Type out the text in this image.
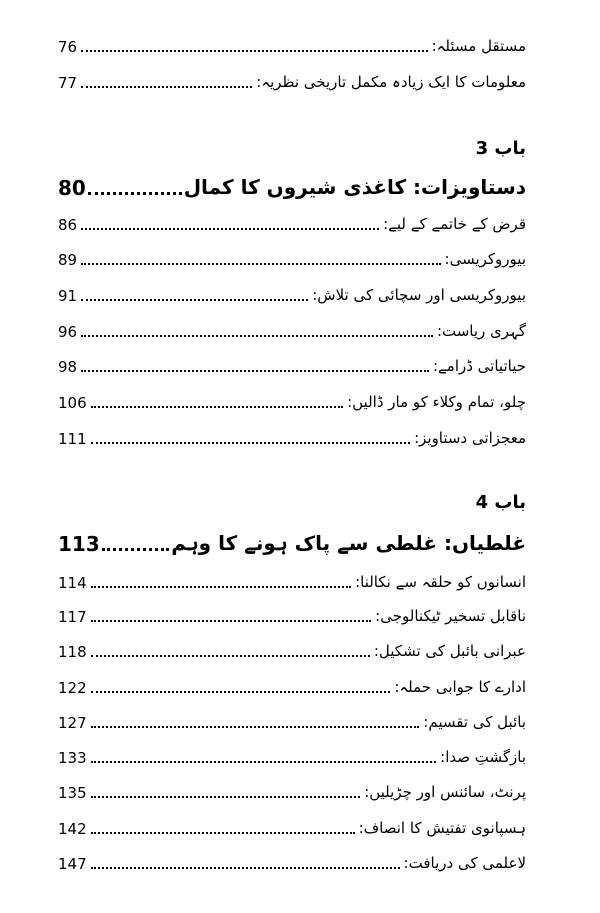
76	مستقل مسئلہ:
77	معلومات کا ایک زیادہ مکمل تاریخی نظریہ:
باب 3
80	دستاویزات: کاغذی شیروں کا کمال
86	قرض کے خاتمے کے لیے:
89	بیوروکریسی:
91	بیوروکریسی اور سچائی کی تلاش:
96	گہری ریاست:
98	حیاتیاتی ڈرامے:
106	چلو، تمام وکلاء کو مار ڈالیں:
111	معجزاتی دستاویز:
باب 4
113	غلطیاں: غلطی سے پاک ہونے کا وہم
114	انسانوں کو حلقہ سے نکالنا:
117	ناقابل تسخیر ٹیکنالوجی:
118	عبرانی بائبل کی تشکیل:
122	ادارے کا جوابی حملہ:
127	بائبل کی تقسیم:
133	بازگشتِ صدا:
135	پرنٹ، سائنس اور چڑیلیں:
142	ہسپانوی تفتیش کا انصاف:
147	لاعلمی کی دریافت:
